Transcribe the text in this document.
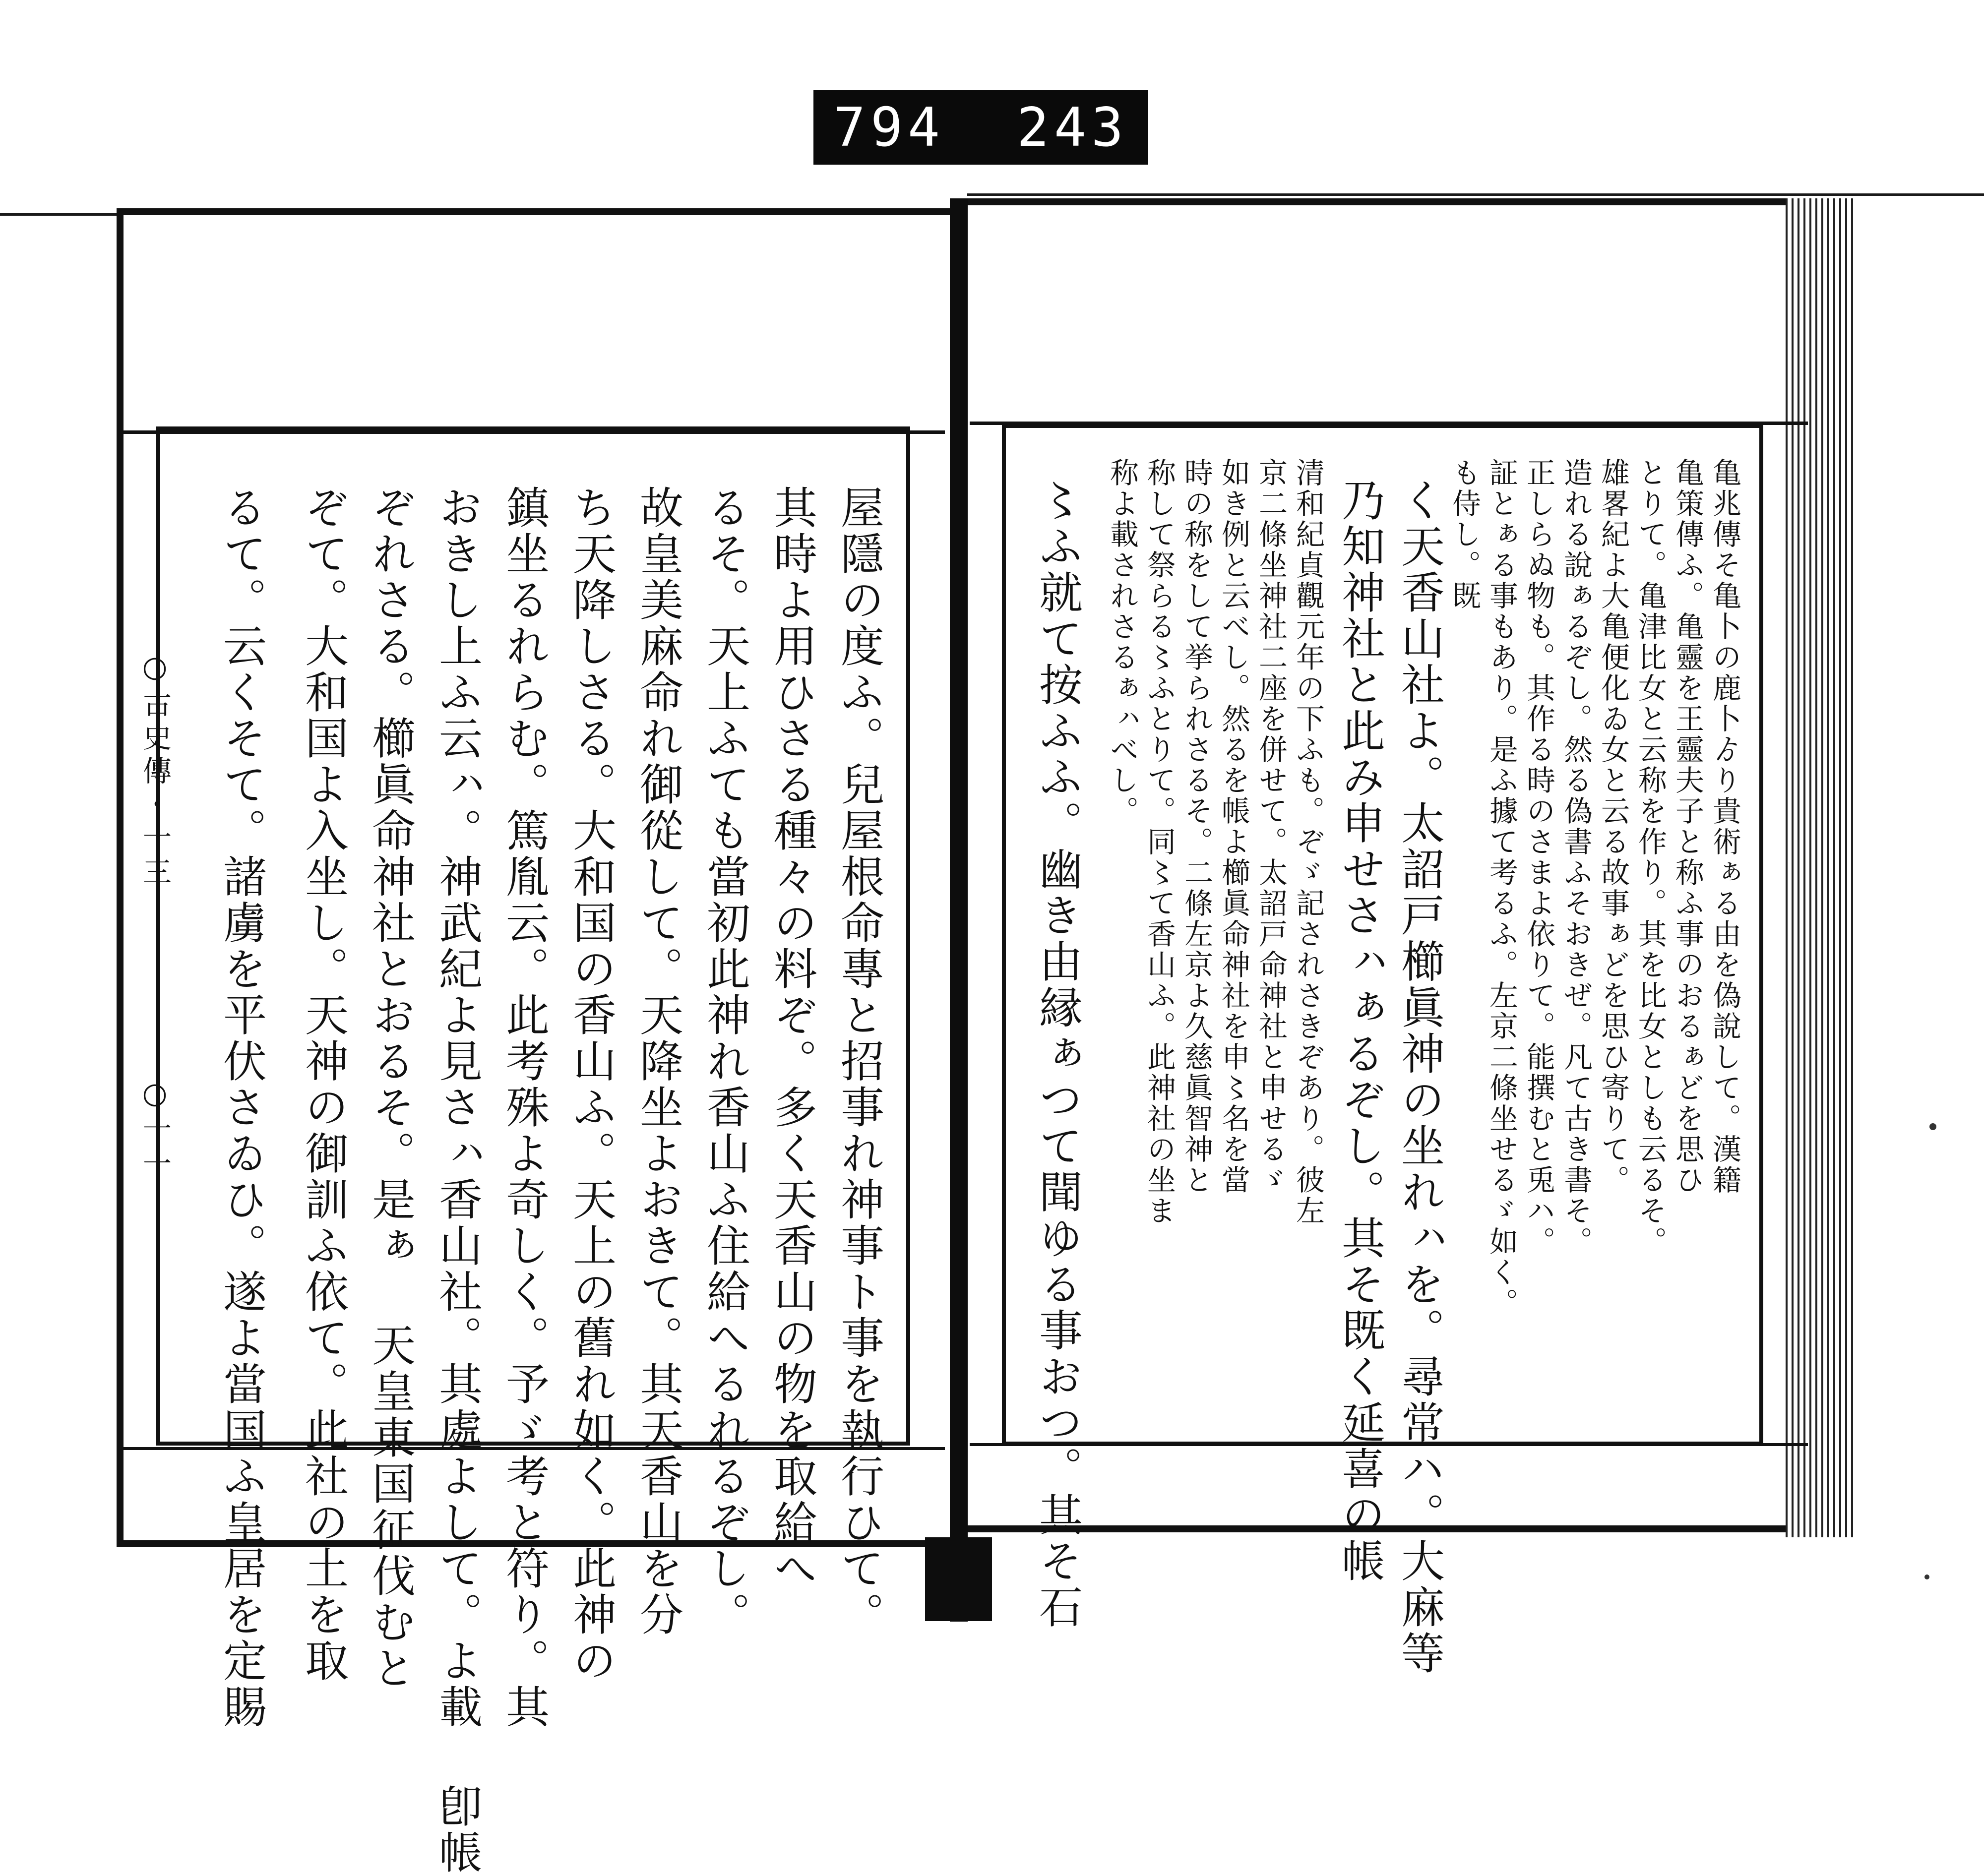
794 243
○古史傳・十三
○十一	屋隱の度ふ。兒屋根命專と招事れ神事ト事を執行ひて。
其時よ用ひさる種々の料ぞ。多く天香山の物を取給へ
るそ。天上ふても當初此神れ香山ふ住給へるれるぞし。
故皇美麻命れ御從して。天降坐よおきて。其天香山を分
ち天降しさる。大和国の香山ふ。天上の舊れ如く。此神の
鎮坐るれらむ。篤胤云。此考殊よ奇しく。予ゞ考と符り。其
おきし上ふ云ㇵ。神武紀よ見さㇵ香山社。其處よして。よ載 卽帳
ぞれさる。櫛眞命神社とおるそ。是ぁ 天皇東国征伐むと
ぞて。大和国よ入坐し。天神の御訓ふ依て。此社の土を取
るて。云くそて。諸虜を平伏さゐひ。遂よ當国ふ皇居を定賜	亀兆傳そ亀卜の鹿卜ゟり貴術ぁる由を偽說して。漢籍
亀策傳ふ。亀靈を王靈夫子と称ふ事のおるぁどを思ひ
とりて。亀津比女と云称を作り。其を比女としも云るそ。
雄畧紀よ大亀便化ゐ女と云る故事ぁどを思ひ寄りて。
造れる說ぁるぞし。然る偽書ふそおきぜ。凡て古き書そ。
正しらぬ物も。其作る時のさまよ依りて。能撰むと兎ハ。
証とぁる事もあり。是ふ據て考るふ。左京二條坐せるゞ如く。
も侍し。既
く天香山社よ。太詔戸櫛眞神の坐れㇵを。尋常ハ。大麻等
乃知神社と此み申せさㇵぁるぞし。其そ既く延喜の帳
清和紀貞觀元年の下ふも。ぞゞ記されさきぞあり。彼左
京二條坐神社二座を併せて。太詔戸命神社と申せるゞ
如き例と云べし。然るを帳よ櫛眞命神社を申〻名を當
時の称をして挙られさるそ。二條左京よ久慈眞智神と
称して祭らる〻ふとりて。同〻て香山ふ。此神社の坐ま
称よ載されさるぁㇵべし。
〻ふ就て按ふふ。幽き由縁ぁつて聞ゆる事おつ。其そ石
